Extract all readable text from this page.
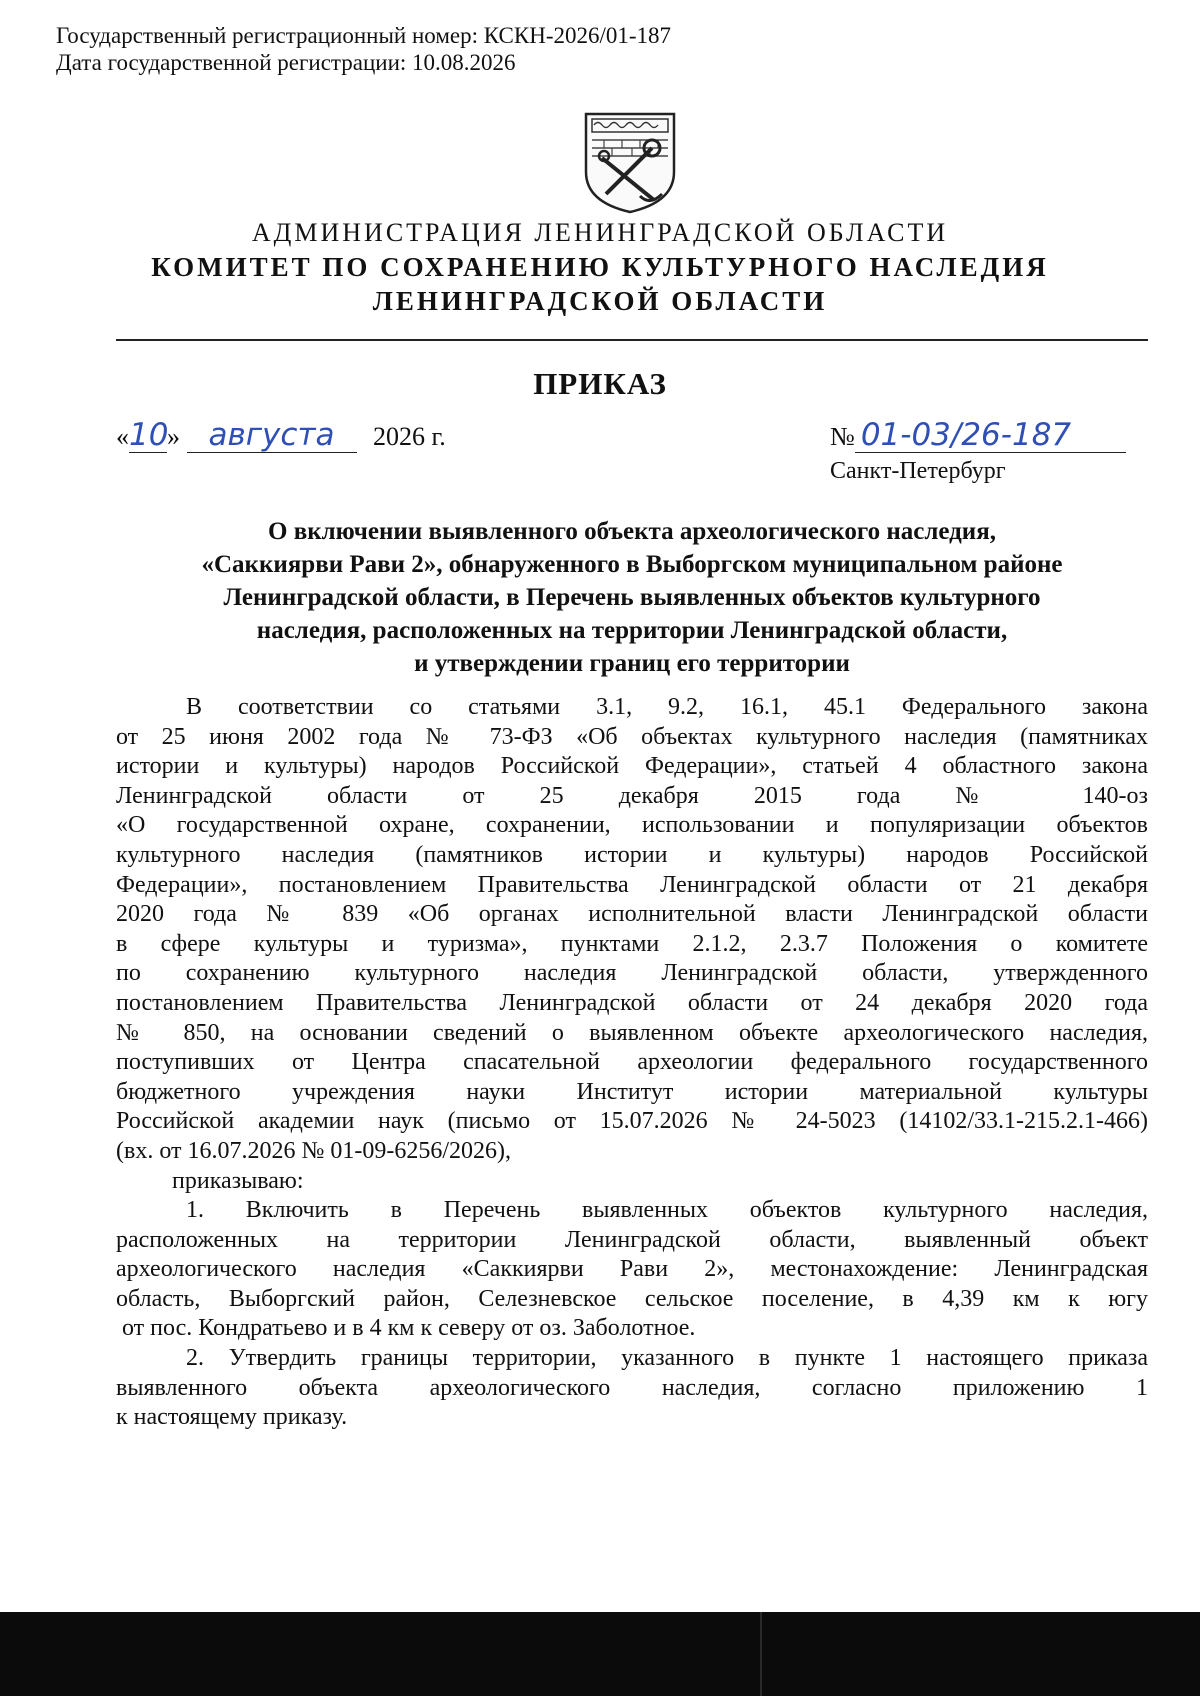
Государственный регистрационный номер: КСКН-2026/01-187
Дата государственной регистрации: 10.08.2026
АДМИНИСТРАЦИЯ ЛЕНИНГРАДСКОЙ ОБЛАСТИ
КОМИТЕТ ПО СОХРАНЕНИЮ КУЛЬТУРНОГО НАСЛЕДИЯ
ЛЕНИНГРАДСКОЙ ОБЛАСТИ
ПРИКАЗ
«10» августа 2026 г.	№ 01-03/26-187
Санкт-Петербург
О включении выявленного объекта археологического наследия,
«Саккиярви Рави 2», обнаруженного в Выборгском муниципальном районе
Ленинградской области, в Перечень выявленных объектов культурного
наследия, расположенных на территории Ленинградской области,
и утверждении границ его территории
В соответствии со статьями 3.1, 9.2, 16.1, 45.1 Федерального закона
от 25 июня 2002 года № 73-ФЗ «Об объектах культурного наследия (памятниках
истории и культуры) народов Российской Федерации», статьей 4 областного закона
Ленинградской области от 25 декабря 2015 года № 140-оз
«О государственной охране, сохранении, использовании и популяризации объектов
культурного наследия (памятников истории и культуры) народов Российской
Федерации», постановлением Правительства Ленинградской области от 21 декабря
2020 года № 839 «Об органах исполнительной власти Ленинградской области
в сфере культуры и туризма», пунктами 2.1.2, 2.3.7 Положения о комитете
по сохранению культурного наследия Ленинградской области, утвержденного
постановлением Правительства Ленинградской области от 24 декабря 2020 года
№ 850, на основании сведений о выявленном объекте археологического наследия,
поступивших от Центра спасательной археологии федерального государственного
бюджетного учреждения науки Институт истории материальной культуры
Российской академии наук (письмо от 15.07.2026 № 24-5023 (14102/33.1-215.2.1-466)
(вх. от 16.07.2026 № 01-09-6256/2026),
приказываю:
1. Включить в Перечень выявленных объектов культурного наследия,
расположенных на территории Ленинградской области, выявленный объект
археологического наследия «Саккиярви Рави 2», местонахождение: Ленинградская
область, Выборгский район, Селезневское сельское поселение, в 4,39 км к югу
от пос. Кондратьево и в 4 км к северу от оз. Заболотное.
2. Утвердить границы территории, указанного в пункте 1 настоящего приказа
выявленного объекта археологического наследия, согласно приложению 1
к настоящему приказу.
